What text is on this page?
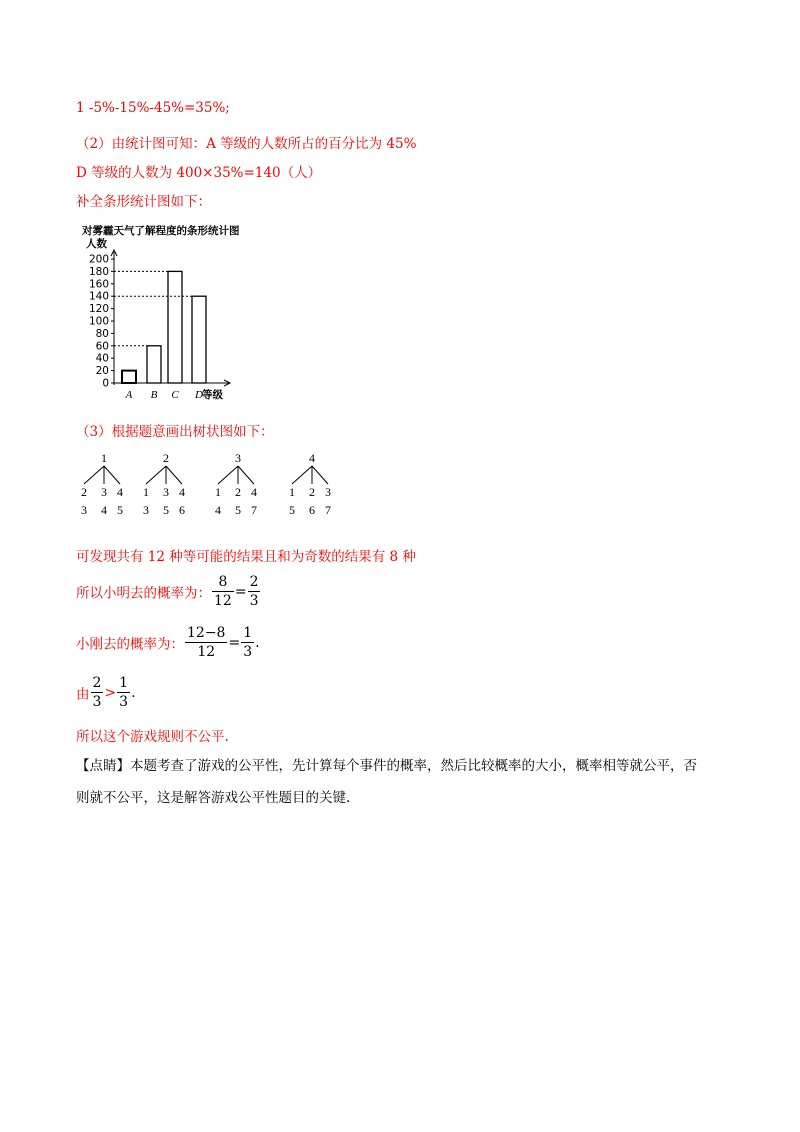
1 -5%-15%-45%=35%;
（2）由统计图可知：A 等级的人数所占的百分比为 45%
D 等级的人数为 400×35%=140（人）
补全条形统计图如下：
对雾霾天气了解程度的条形统计图
人数
等级
0
20
40
60
80
100
120
140
160
180
200
A B C D
（3）根据题意画出树状图如下：
1
2
3
3
4
4
5
2
1
3
3
5
4
6
3
1
4
2
5
4
7
4
1
5
2
6
3
7
可发现共有 12 种等可能的结果且和为奇数的结果有 8 种
所以小明去的概率为： $\frac{8}{12} = \frac{2}{3}$
小刚去的概率为： $\frac{12-8}{12} = \frac{1}{3}$ .
由 $\frac{2}{3} > \frac{1}{3}$ .
所以这个游戏规则不公平.
【点睛】本题考查了游戏的公平性，先计算每个事件的概率，然后比较概率的大小，概率相等就公平，否
则就不公平，这是解答游戏公平性题目的关键.
